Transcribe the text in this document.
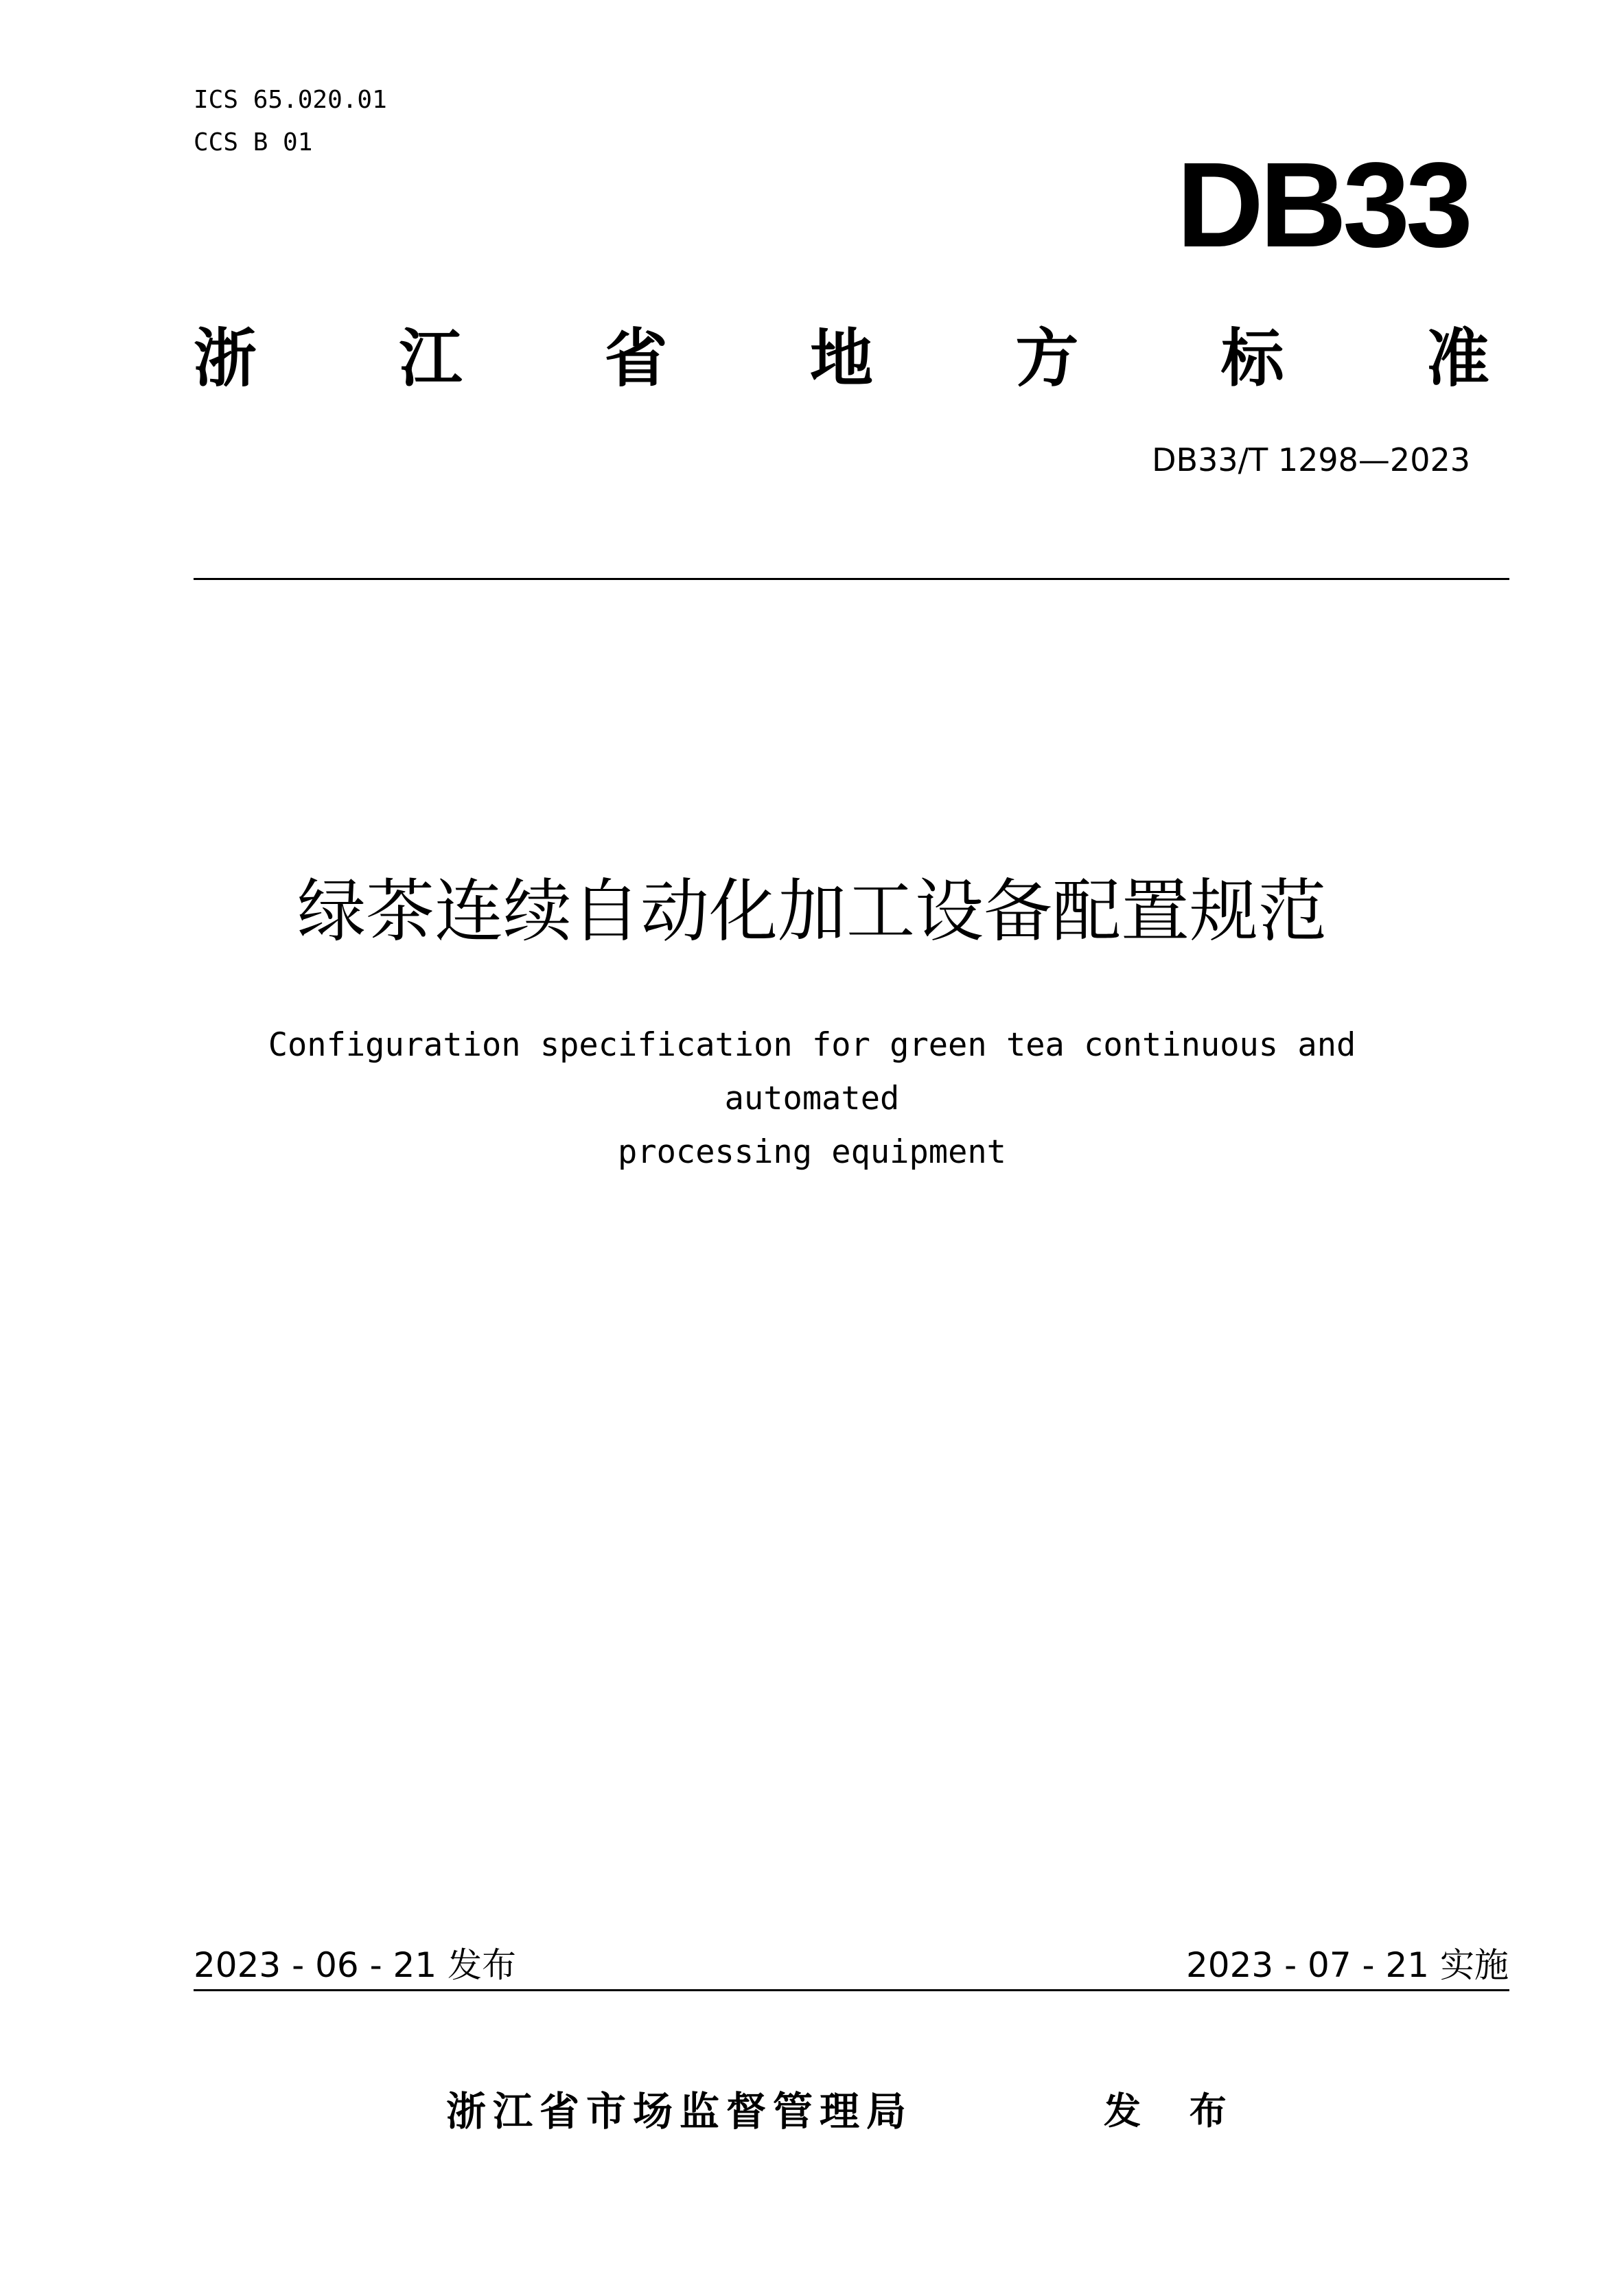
ICS 65.020.01
CCS B 01	DB33
浙 江 省 地 方 标 准
DB33/T 1298—2023
绿茶连续自动化加工设备配置规范
Configuration specification for green tea continuous and automated
processing equipment
2023 - 06 - 21 发布	2023 - 07 - 21 实施
浙江省市场监督管理局	发 布
